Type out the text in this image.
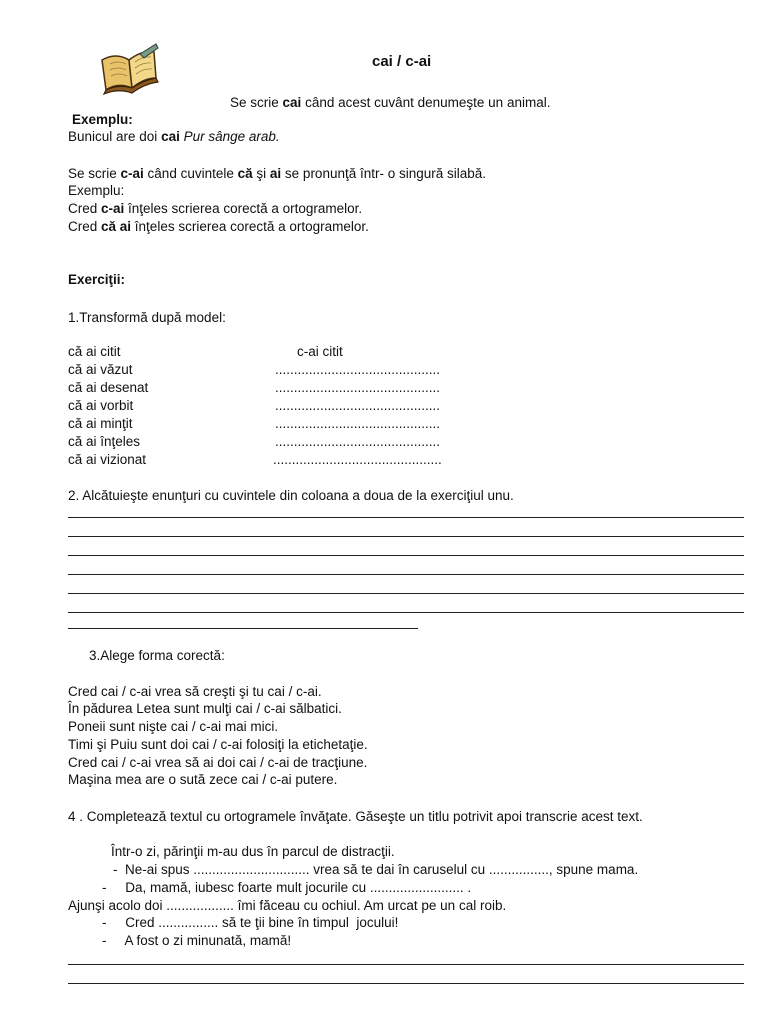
cai / c-ai
Se scrie cai când acest cuvânt denumeşte un animal.
Exemplu:
Bunicul are doi cai Pur sânge arab.
Se scrie c-ai când cuvintele că şi ai se pronunţă într- o singură silabă.
Exemplu:
Cred c-ai înţeles scrierea corectă a ortogramelor.
Cred că ai înţeles scrierea corectă a ortogramelor.
Exerciţii:
1.Transformă după model:
că ai citit	c-ai citit
că ai văzut	............................................
că ai desenat	............................................
că ai vorbit	............................................
că ai minţit	............................................
că ai înţeles	............................................
că ai vizionat	.............................................
2. Alcătuieşte enunţuri cu cuvintele din coloana a doua de la exerciţiul unu.
3.Alege forma corectă:
Cred cai / c-ai vrea să creşti şi tu cai / c-ai.
În pădurea Letea sunt mulţi cai / c-ai sălbatici.
Poneii sunt nişte cai / c-ai mai mici.
Timi şi Puiu sunt doi cai / c-ai folosiţi la etichetaţie.
Cred cai / c-ai vrea să ai doi cai / c-ai de tracţiune.
Maşina mea are o sută zece cai / c-ai putere.
4 . Completează textul cu ortogramele învăţate. Găseşte un titlu potrivit apoi transcrie acest text.
Într-o zi, părinţii m-au dus în parcul de distracţii.
-  Ne-ai spus ............................... vrea să te dai în caruselul cu ................, spune mama.
-     Da, mamă, iubesc foarte mult jocurile cu ......................... .
Ajunşi acolo doi .................. îmi făceau cu ochiul. Am urcat pe un cal roib.
-     Cred ................ să te ţii bine în timpul  jocului!
-     A fost o zi minunată, mamă!
